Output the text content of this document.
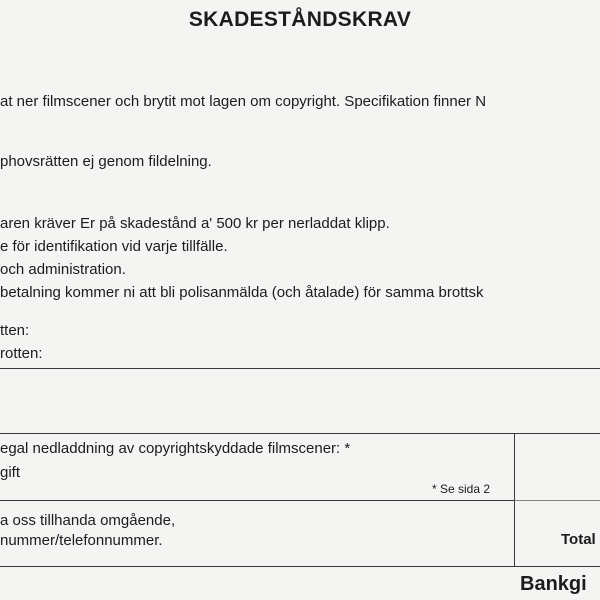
SKADESTÅNDSKRAV
at ner filmscener och brytit mot lagen om copyright. Specifikation finner N
phovsrätten ej genom fildelning.
aren kräver Er på skadestånd a' 500 kr per nerladdat klipp.
e för identifikation vid varje tillfälle.
och administration.
betalning kommer ni att bli polisanmälda (och åtalade) för samma brottsk
tten:
rotten:
egal nedladdning av copyrightskyddade filmscener: *
gift
* Se sida 2
a oss tillhanda omgående,
nummer/telefonnummer.	Total
Bankgi
